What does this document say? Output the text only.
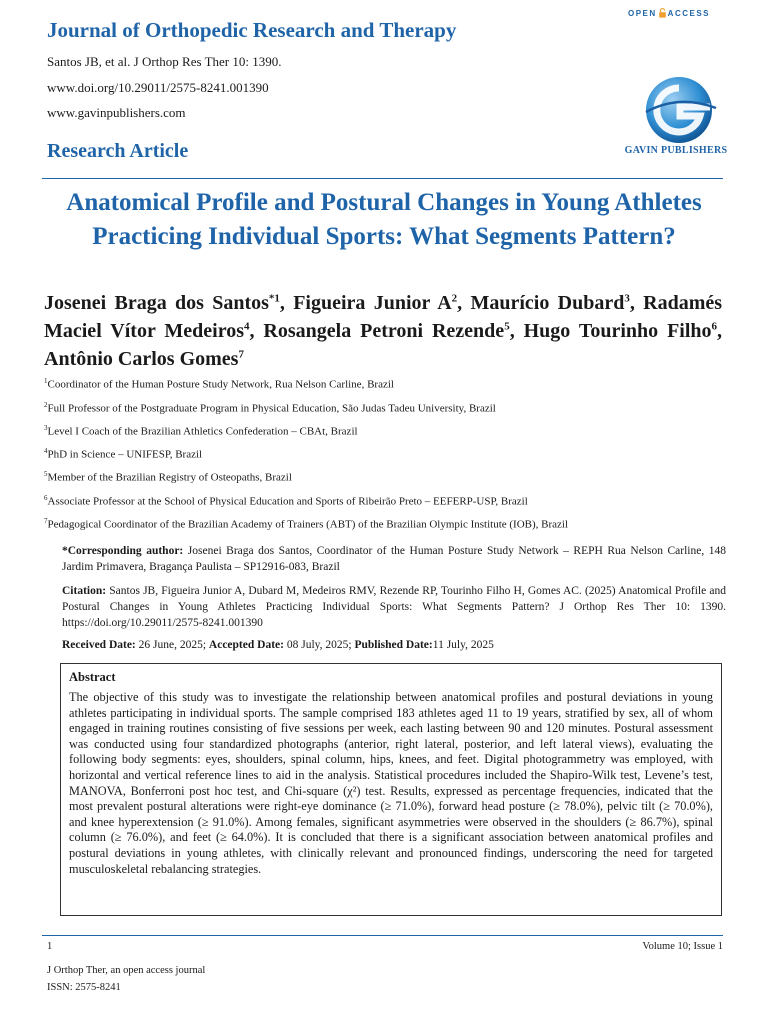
Journal of Orthopedic Research and Therapy
Santos JB, et al. J Orthop Res Ther 10: 1390.
www.doi.org/10.29011/2575-8241.001390
www.gavinpublishers.com
Research Article
OPEN ACCESS
GAVIN PUBLISHERS
Anatomical Profile and Postural Changes in Young Athletes Practicing Individual Sports: What Segments Pattern?
Josenei Braga dos Santos$^{*1}$, Figueira Junior $A^2$, Maurício Dubard$^3$, Radamés Maciel Vítor Medeiros$^4$, Rosangela Petroni Rezende$^5$, Hugo Tourinho Filho$^6$, Antônio Carlos Gomes$^7$
$^1$Coordinator of the Human Posture Study Network, Rua Nelson Carline, Brazil
$^2$Full Professor of the Postgraduate Program in Physical Education, São Judas Tadeu University, Brazil
$^3$Level I Coach of the Brazilian Athletics Confederation – CBAt, Brazil
$^4$PhD in Science – UNIFESP, Brazil
$^5$Member of the Brazilian Registry of Osteopaths, Brazil
$^6$Associate Professor at the School of Physical Education and Sports of Ribeirão Preto – EEFERP-USP, Brazil
$^7$Pedagogical Coordinator of the Brazilian Academy of Trainers (ABT) of the Brazilian Olympic Institute (IOB), Brazil
*Corresponding author: Josenei Braga dos Santos, Coordinator of the Human Posture Study Network – REPH Rua Nelson Carline, 148 Jardim Primavera, Bragança Paulista – SP12916-083, Brazil
Citation: Santos JB, Figueira Junior A, Dubard M, Medeiros RMV, Rezende RP, Tourinho Filho H, Gomes AC. (2025) Anatomical Profile and Postural Changes in Young Athletes Practicing Individual Sports: What Segments Pattern? J Orthop Res Ther 10: 1390. https://doi.org/10.29011/2575-8241.001390
Received Date: 26 June, 2025; Accepted Date: 08 July, 2025; Published Date:11 July, 2025
Abstract
The objective of this study was to investigate the relationship between anatomical profiles and postural deviations in young athletes participating in individual sports. The sample comprised 183 athletes aged 11 to 19 years, stratified by sex, all of whom engaged in training routines consisting of five sessions per week, each lasting between 90 and 120 minutes. Postural assessment was conducted using four standardized photographs (anterior, right lateral, posterior, and left lateral views), evaluating the following body segments: eyes, shoulders, spinal column, hips, knees, and feet. Digital photogrammetry was employed, with horizontal and vertical reference lines to aid in the analysis. Statistical procedures included the Shapiro-Wilk test, Levene’s test, MANOVA, Bonferroni post hoc test, and Chi-square (χ²) test. Results, expressed as percentage frequencies, indicated that the most prevalent postural alterations were right-eye dominance (≥ 71.0%), forward head posture (≥ 78.0%), pelvic tilt (≥ 70.0%), and knee hyperextension (≥ 91.0%). Among females, significant asymmetries were observed in the shoulders (≥ 86.7%), spinal column (≥ 76.0%), and feet (≥ 64.0%). It is concluded that there is a significant association between anatomical profiles and postural deviations in young athletes, with clinically relevant and pronounced findings, underscoring the need for targeted musculoskeletal rebalancing strategies.
1	Volume 10; Issue 1
J Orthop Ther, an open access journal
ISSN: 2575-8241
